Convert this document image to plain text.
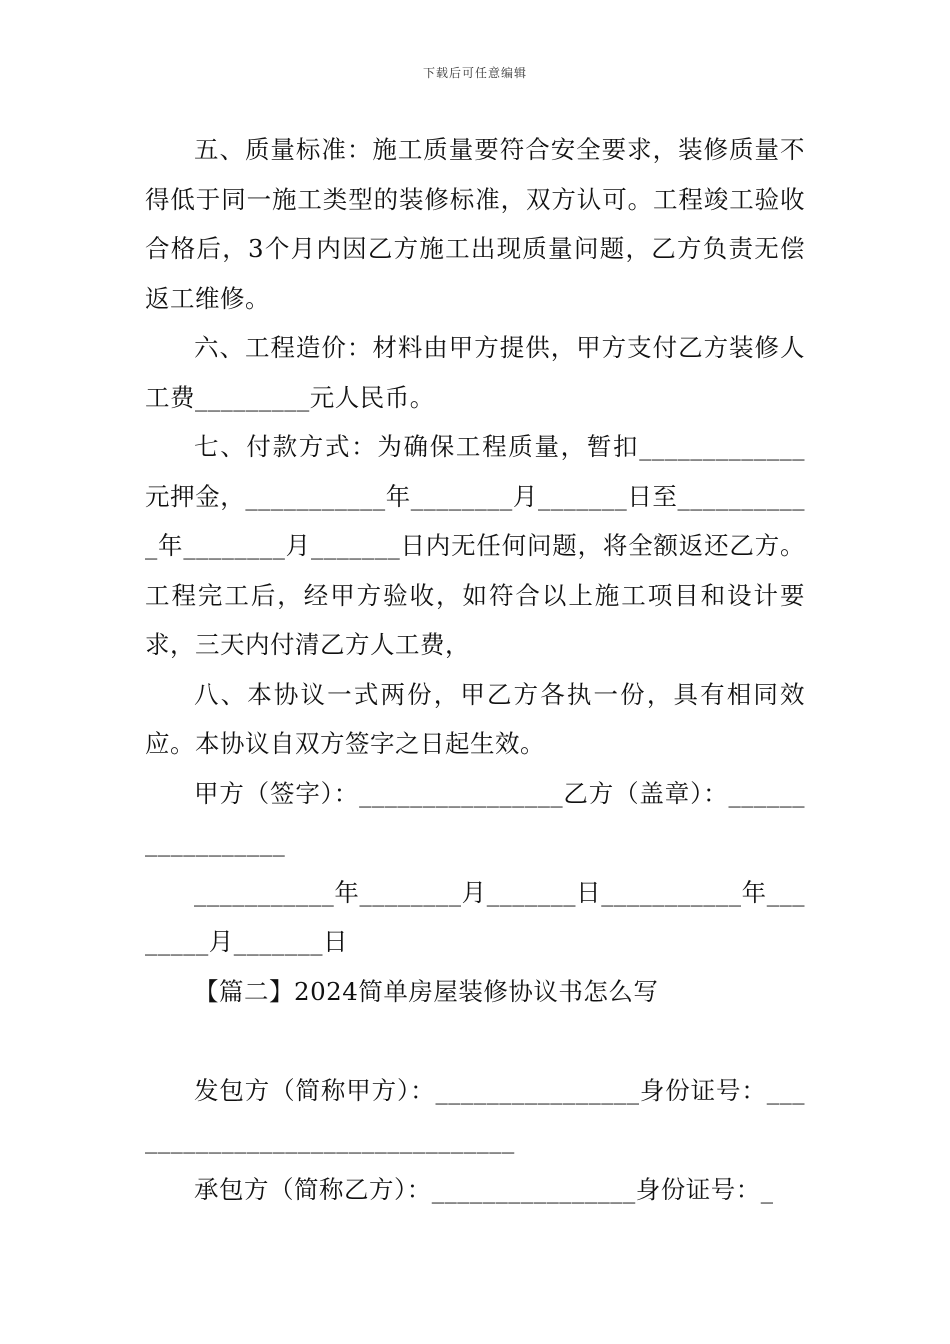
下载后可任意编辑

五、质量标准：施工质量要符合安全要求，装修质量不得低于同一施工类型的装修标准，双方认可。工程竣工验收合格后，3个月内因乙方施工出现质量问题，乙方负责无偿返工维修。

六、工程造价：材料由甲方提供，甲方支付乙方装修人工费_________元人民币。

七、付款方式：为确保工程质量，暂扣_____________元押金，___________年________月_______日至___________年________月_______日内无任何问题，将全额返还乙方。工程完工后，经甲方验收，如符合以上施工项目和设计要求，三天内付清乙方人工费，

八、本协议一式两份，甲乙方各执一份，具有相同效应。本协议自双方签字之日起生效。

甲方（签字）：________________乙方（盖章）：_________________

___________年________月_______日___________年________月_______日

【篇二】2024简单房屋装修协议书怎么写

发包方（简称甲方）：________________身份证号：________________________________

承包方（简称乙方）：________________身份证号：_
